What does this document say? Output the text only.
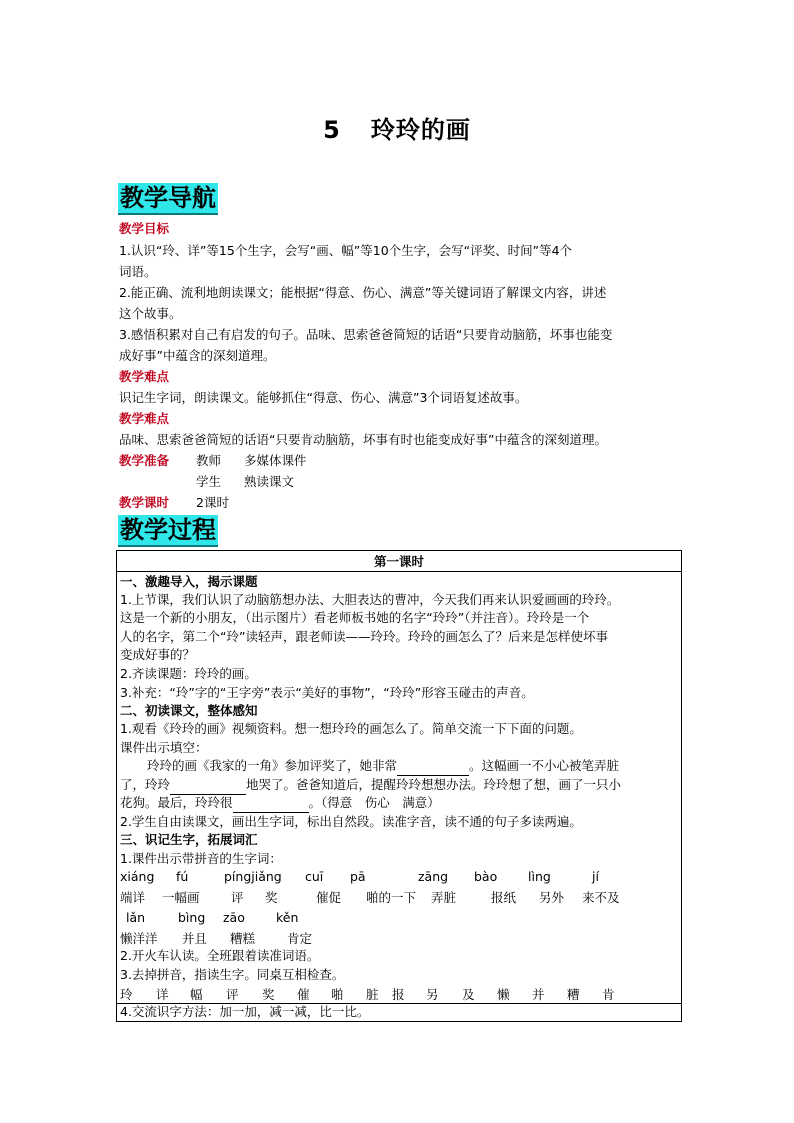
5 玲玲的画
教学导航
教学目标
1.认识“玲、详”等15个生字，会写“画、幅”等10个生字，会写“评奖、时间”等4个
词语。
2.能正确、流利地朗读课文；能根据“得意、伤心、满意”等关键词语了解课文内容，讲述
这个故事。
3.感悟积累对自己有启发的句子。品味、思索爸爸简短的话语“只要肯动脑筋，坏事也能变
成好事”中蕴含的深刻道理。
教学难点
识记生字词，朗读课文。能够抓住“得意、伤心、满意”3个词语复述故事。
教学难点
品味、思索爸爸简短的话语“只要肯动脑筋，坏事有时也能变成好事”中蕴含的深刻道理。
教学准备 教师 多媒体课件
学生 熟读课文
教学课时 2课时
教学过程
第一课时
一、激趣导入，揭示课题
1.上节课，我们认识了动脑筋想办法、大胆表达的曹冲，今天我们再来认识爱画画的玲玲。
这是一个新的小朋友，（出示图片）看老师板书她的名字“玲玲”（并注音）。玲玲是一个
人的名字，第二个“玲”读轻声，跟老师读——玲玲。玲玲的画怎么了？后来是怎样使坏事
变成好事的？
2.齐读课题：玲玲的画。
3.补充：“玲”字的“王字旁”表示“美好的事物”，“玲玲”形容玉碰击的声音。
二、初读课文，整体感知
1.观看《玲玲的画》视频资料。想一想玲玲的画怎么了。简单交流一下下面的问题。
课件出示填空：
玲玲的画《我家的一角》参加评奖了，她非常	。这幅画一不小心被笔弄脏
了，玲玲	地哭了。爸爸知道后，提醒玲玲想想办法。玲玲想了想，画了一只小
花狗。最后，玲玲很	。（得意　伤心　满意）
2.学生自由读课文，画出生字词，标出自然段。读准字音，读不通的句子多读两遍。
三、识记生字，拓展词汇
1.课件出示带拼音的生字词：
xiáng fú	píngjiǎng cuī pā	zāng bào lìng	jí
端详 一幅画	评 奖	催促 啪的一下 弄脏	报纸 另外 来不及
lǎn	bìng zāo kěn
懒洋洋 并且 糟糕	肯定
2.开火车认读。全班跟着读准词语。
3.去掉拼音，指读生字。同桌互相检查。
玲 详 幅 评 奖 催 啪 脏 报 另 及 懒 并 糟 肯
4.交流识字方法：加一加，减一减，比一比。
